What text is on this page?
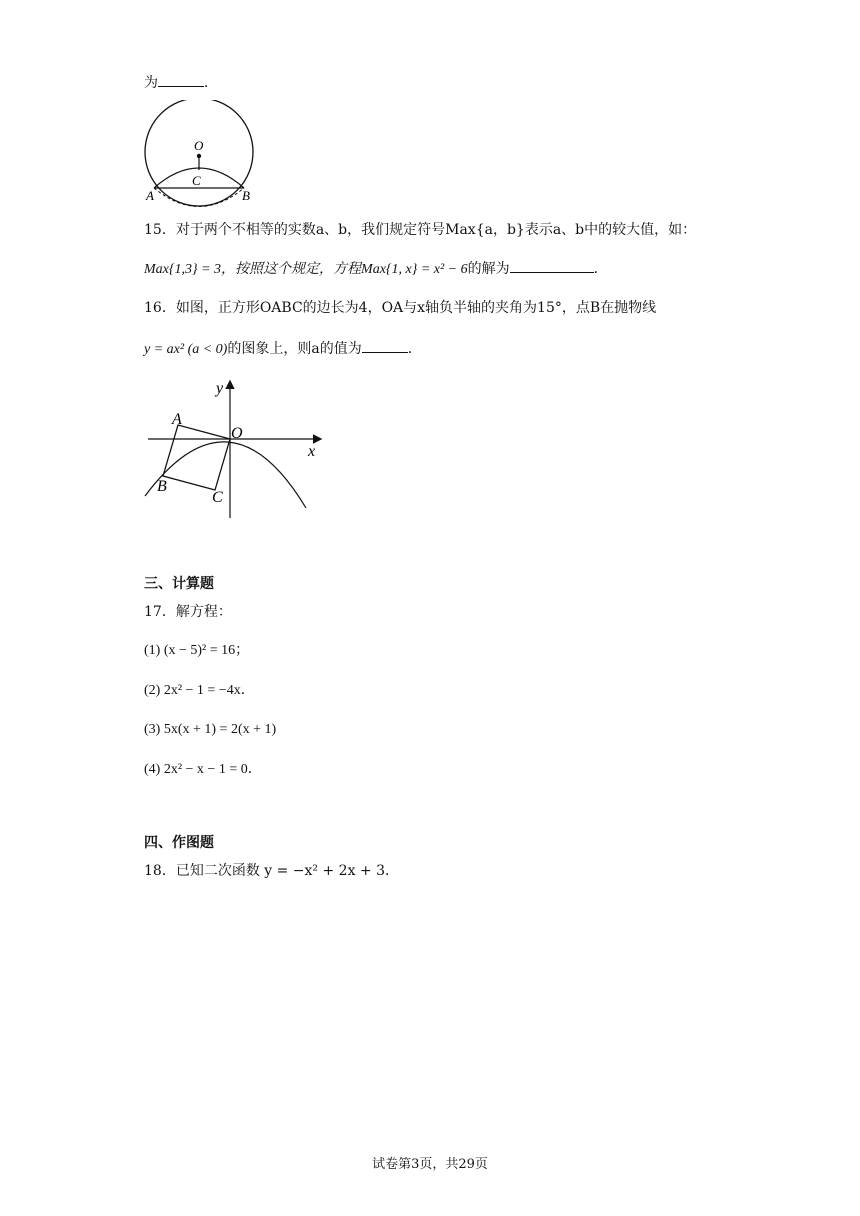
为	．
O
C
A	B
15．对于两个不相等的实数a、b，我们规定符号Max{a，b}表示a、b中的较大值，如：
Max{1,3} = 3，按照这个规定，方程Max{1, x} = x² − 6的解为	．
16．如图，正方形OABC的边长为4，OA与x轴负半轴的夹角为15°，点B在抛物线
y = ax² (a < 0)的图象上，则a的值为	．
y
x
O
A
B
C
三、计算题
17．解方程：
(1) (x − 5)² = 16；
(2) 2x² − 1 = −4x．
(3) 5x(x + 1) = 2(x + 1)
(4) 2x² − x − 1 = 0．
四、作图题
18．已知二次函数 y = −x² + 2x + 3．
试卷第3页，共29页
